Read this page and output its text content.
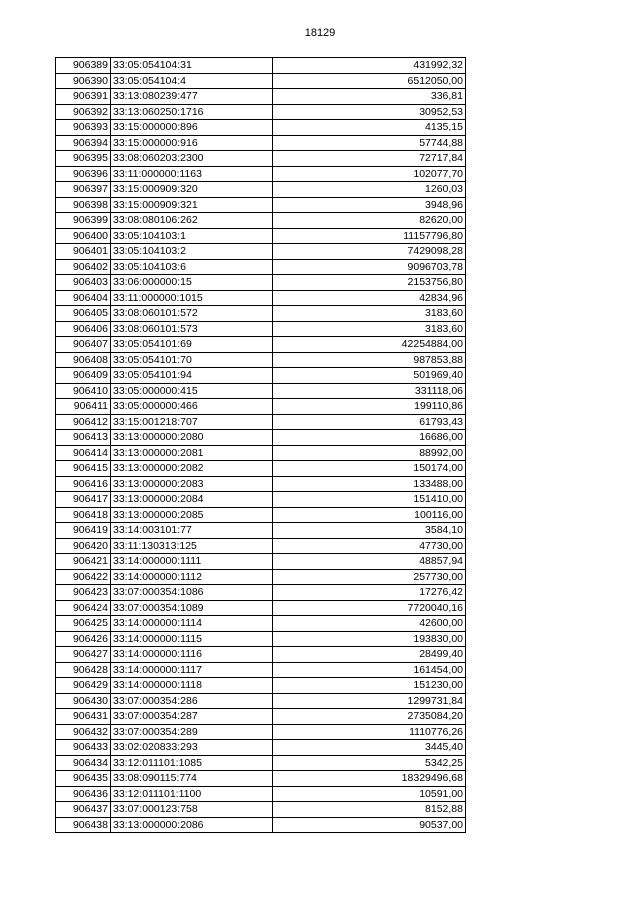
18129
906389	33:05:054104:31	431992,32
906390	33:05:054104:4	6512050,00
906391	33:13:080239:477	336,81
906392	33:13:060250:1716	30952,53
906393	33:15:000000:896	4135,15
906394	33:15:000000:916	57744,88
906395	33:08:060203:2300	72717,84
906396	33:11:000000:1163	102077,70
906397	33:15:000909:320	1260,03
906398	33:15:000909:321	3948,96
906399	33:08:080106:262	82620,00
906400	33:05:104103:1	11157796,80
906401	33:05:104103:2	7429098,28
906402	33:05:104103:6	9096703,78
906403	33:06:000000:15	2153756,80
906404	33:11:000000:1015	42834,96
906405	33:08:060101:572	3183,60
906406	33:08:060101:573	3183,60
906407	33:05:054101:69	42254884,00
906408	33:05:054101:70	987853,88
906409	33:05:054101:94	501969,40
906410	33:05:000000:415	331118,06
906411	33:05:000000:466	199110,86
906412	33:15:001218:707	61793,43
906413	33:13:000000:2080	16686,00
906414	33:13:000000:2081	88992,00
906415	33:13:000000:2082	150174,00
906416	33:13:000000:2083	133488,00
906417	33:13:000000:2084	151410,00
906418	33:13:000000:2085	100116,00
906419	33:14:003101:77	3584,10
906420	33:11:130313:125	47730,00
906421	33:14:000000:1111	48857,94
906422	33:14:000000:1112	257730,00
906423	33:07:000354:1086	17276,42
906424	33:07:000354:1089	7720040,16
906425	33:14:000000:1114	42600,00
906426	33:14:000000:1115	193830,00
906427	33:14:000000:1116	28499,40
906428	33:14:000000:1117	161454,00
906429	33:14:000000:1118	151230,00
906430	33:07:000354:286	1299731,84
906431	33:07:000354:287	2735084,20
906432	33:07:000354:289	1110776,26
906433	33:02:020833:293	3445,40
906434	33:12:011101:1085	5342,25
906435	33:08:090115:774	18329496,68
906436	33:12:011101:1100	10591,00
906437	33:07:000123:758	8152,88
906438	33:13:000000:2086	90537,00
